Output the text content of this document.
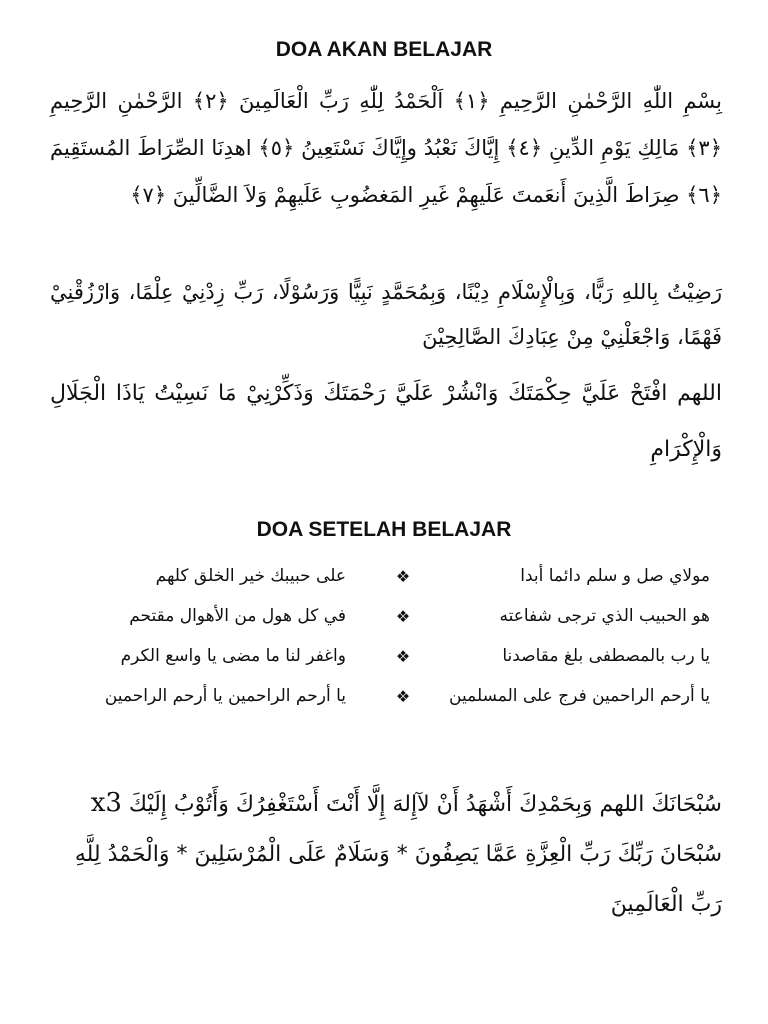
DOA AKAN BELAJAR
بِسْمِ اللّٰهِ الرَّحْمٰنِ الرَّحِيمِ ﴿١﴾ اَلْحَمْدُ لِلّٰهِ رَبِّ الْعَالَمِينَ ﴿٢﴾ الرَّحْمٰنِ الرَّحِيمِ ﴿٣﴾ مَالِكِ يَوْمِ الدِّينِ ﴿٤﴾ إِيَّاكَ نَعْبُدُ وإِيَّاكَ نَسْتَعِينُ ﴿٥﴾ اهدِنَا الصِّرَاطَ المُستَقِيمَ ﴿٦﴾ صِرَاطَ الَّذِينَ أَنعَمتَ عَلَيهِمْ غَيرِ المَغضُوبِ عَلَيهِمْ وَلاَ الضَّالِّينَ ﴿٧﴾
رَضِيْتُ بِاللهِ رَبًّا، وَبِالْإِسْلَامِ دِيْنًا، وَبِمُحَمَّدٍ نَبِيًّا وَرَسُوْلًا، رَبِّ زِدْنِيْ عِلْمًا، وَارْزُقْنِيْ فَهْمًا، وَاجْعَلْنِيْ مِنْ عِبَادِكَ الصَّالِحِيْنَ
اللهم افْتَحْ عَلَيَّ حِكْمَتَكَ وَانْشُرْ عَلَيَّ رَحْمَتَكَ وَذَكِّرْنِيْ مَا نَسِيْتُ يَاذَا الْجَلَالِ وَالْإِكْرَامِ
DOA SETELAH BELAJAR
مولاي صل و سلم دائما أبدا
❖
على حبيبك خير الخلق كلهم
هو الحبيب الذي ترجى شفاعته
❖
في كل هول من الأهوال مقتحم
يا رب بالمصطفى بلغ مقاصدنا
❖
واغفر لنا ما مضى يا واسع الكرم
يا أرحم الراحمين فرج على المسلمين
❖
يا أرحم الراحمين يا أرحم الراحمين
سُبْحَانَكَ اللهم وَبِحَمْدِكَ أَشْهَدُ أَنْ لآإِلهَ إِلَّا أَنْتَ أَسْتَغْفِرُكَ وَأَتُوْبُ إِلَيْكَ x3
سُبْحَانَ رَبِّكَ رَبِّ الْعِزَّةِ عَمَّا يَصِفُونَ * وَسَلَامٌ عَلَى الْمُرْسَلِينَ * وَالْحَمْدُ لِلَّهِ رَبِّ الْعَالَمِينَ
